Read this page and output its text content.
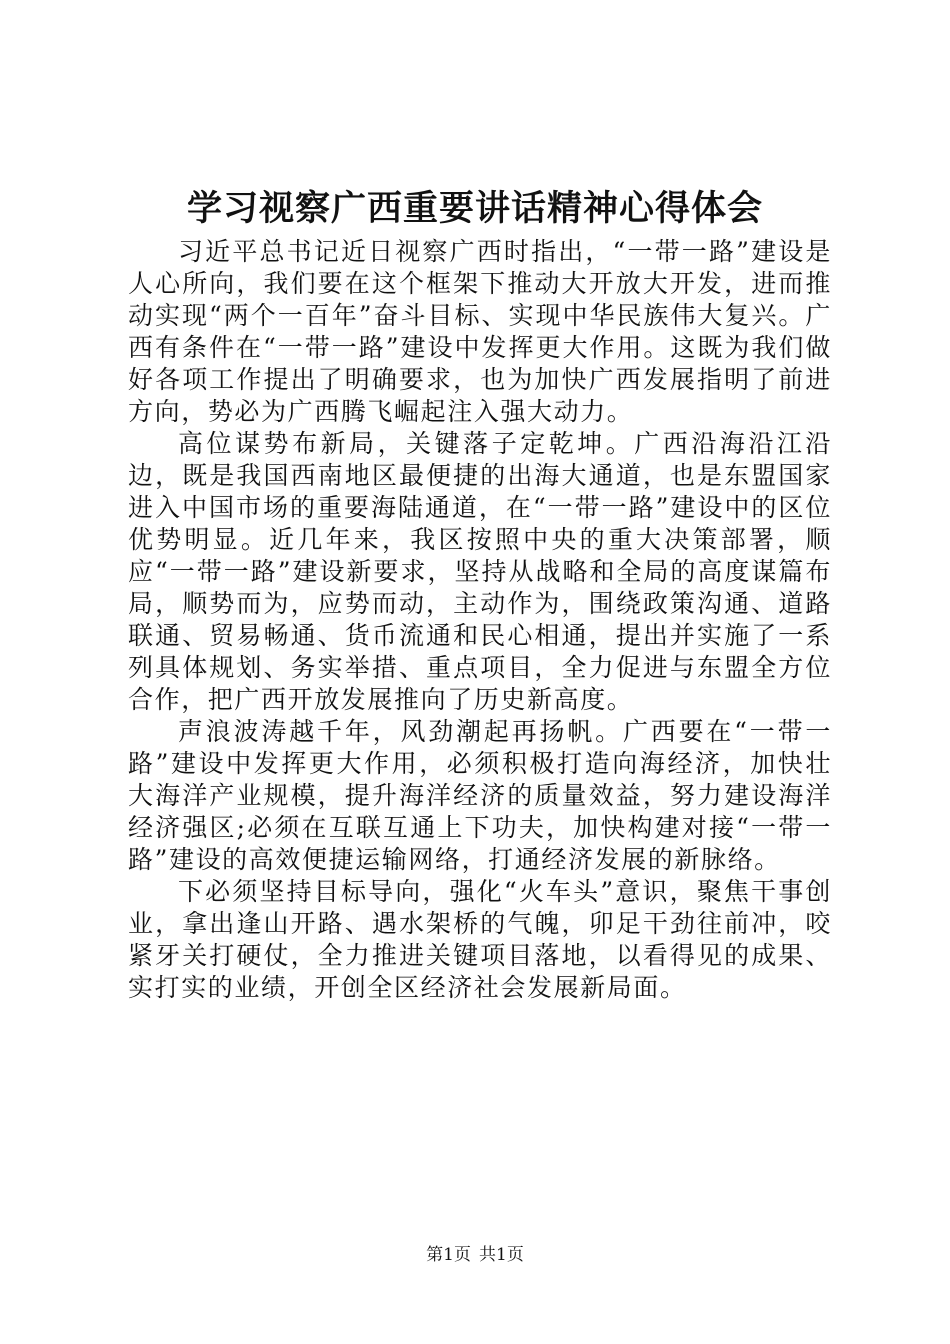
学习视察广西重要讲话精神心得体会

习近平总书记近日视察广西时指出，“一带一路”建设是人心所向，我们要在这个框架下推动大开放大开发，进而推动实现“两个一百年”奋斗目标、实现中华民族伟大复兴。广西有条件在“一带一路”建设中发挥更大作用。这既为我们做好各项工作提出了明确要求，也为加快广西发展指明了前进方向，势必为广西腾飞崛起注入强大动力。

高位谋势布新局，关键落子定乾坤。广西沿海沿江沿边，既是我国西南地区最便捷的出海大通道，也是东盟国家进入中国市场的重要海陆通道，在“一带一路”建设中的区位优势明显。近几年来，我区按照中央的重大决策部署，顺应“一带一路”建设新要求，坚持从战略和全局的高度谋篇布局，顺势而为，应势而动，主动作为，围绕政策沟通、道路联通、贸易畅通、货币流通和民心相通，提出并实施了一系列具体规划、务实举措、重点项目，全力促进与东盟全方位合作，把广西开放发展推向了历史新高度。

声浪波涛越千年，风劲潮起再扬帆。广西要在“一带一路”建设中发挥更大作用，必须积极打造向海经济，加快壮大海洋产业规模，提升海洋经济的质量效益，努力建设海洋经济强区;必须在互联互通上下功夫，加快构建对接“一带一路”建设的高效便捷运输网络，打通经济发展的新脉络。

下必须坚持目标导向，强化“火车头”意识，聚焦干事创业，拿出逢山开路、遇水架桥的气魄，卯足干劲往前冲，咬紧牙关打硬仗，全力推进关键项目落地，以看得见的成果、实打实的业绩，开创全区经济社会发展新局面。

第1页 共1页
